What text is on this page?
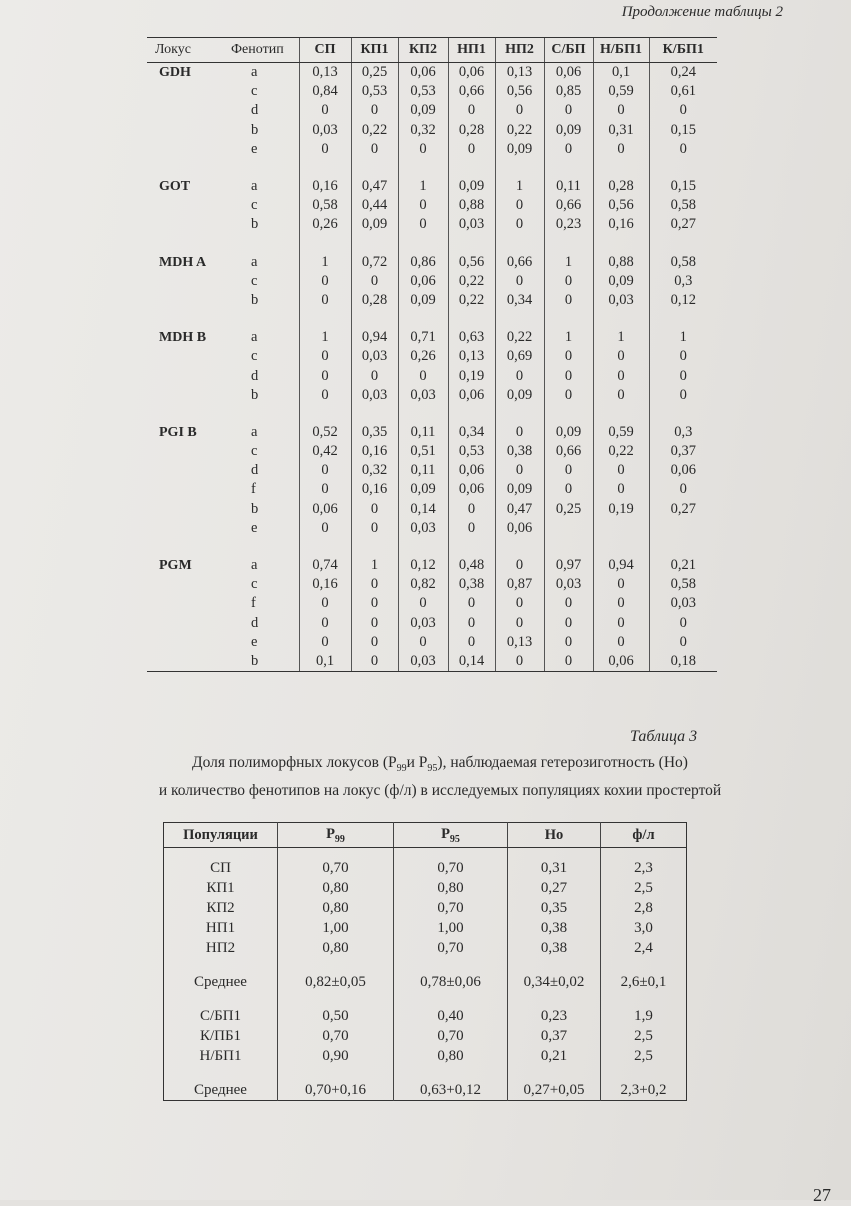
Продолжение таблицы 2
Локус	Фенотип	СП	КП1	КП2	НП1	НП2	С/БП	Н/БП1	К/БП1
GDH	a	0,13	0,25	0,06	0,06	0,13	0,06	0,1	0,24
	c	0,84	0,53	0,53	0,66	0,56	0,85	0,59	0,61
	d	0	0	0,09	0	0	0	0	0
	b	0,03	0,22	0,32	0,28	0,22	0,09	0,31	0,15
	e	0	0	0	0	0,09	0	0	0

GOT	a	0,16	0,47	1	0,09	1	0,11	0,28	0,15
	c	0,58	0,44	0	0,88	0	0,66	0,56	0,58
	b	0,26	0,09	0	0,03	0	0,23	0,16	0,27

MDH A	a	1	0,72	0,86	0,56	0,66	1	0,88	0,58
	c	0	0	0,06	0,22	0	0	0,09	0,3
	b	0	0,28	0,09	0,22	0,34	0	0,03	0,12

MDH B	a	1	0,94	0,71	0,63	0,22	1	1	1
	c	0	0,03	0,26	0,13	0,69	0	0	0
	d	0	0	0	0,19	0	0	0	0
	b	0	0,03	0,03	0,06	0,09	0	0	0

PGI B	a	0,52	0,35	0,11	0,34	0	0,09	0,59	0,3
	c	0,42	0,16	0,51	0,53	0,38	0,66	0,22	0,37
	d	0	0,32	0,11	0,06	0	0	0	0,06
	f	0	0,16	0,09	0,06	0,09	0	0	0
	b	0,06	0	0,14	0	0,47	0,25	0,19	0,27
	e	0	0	0,03	0	0,06			

PGM	a	0,74	1	0,12	0,48	0	0,97	0,94	0,21
	c	0,16	0	0,82	0,38	0,87	0,03	0	0,58
	f	0	0	0	0	0	0	0	0,03
	d	0	0	0,03	0	0	0	0	0
	e	0	0	0	0	0,13	0	0	0
	b	0,1	0	0,03	0,14	0	0	0,06	0,18
Таблица 3
Доля полиморфных локусов ($P_{99}и$ $P_{95}$), наблюдаемая гетерозиготность (Ho)
и количество фенотипов на локус (ф/л) в исследуемых популяциях кохии простертой
Популяции	$P_{99}$	$P_{95}$	Ho	ф/л

СП	0,70	0,70	0,31	2,3
КП1	0,80	0,80	0,27	2,5
КП2	0,80	0,70	0,35	2,8
НП1	1,00	1,00	0,38	3,0
НП2	0,80	0,70	0,38	2,4

Среднее	0,82±0,05	0,78±0,06	0,34±0,02	2,6±0,1

С/БП1	0,50	0,40	0,23	1,9
К/ПБ1	0,70	0,70	0,37	2,5
Н/БП1	0,90	0,80	0,21	2,5

Среднее	0,70+0,16	0,63+0,12	0,27+0,05	2,3+0,2
27
